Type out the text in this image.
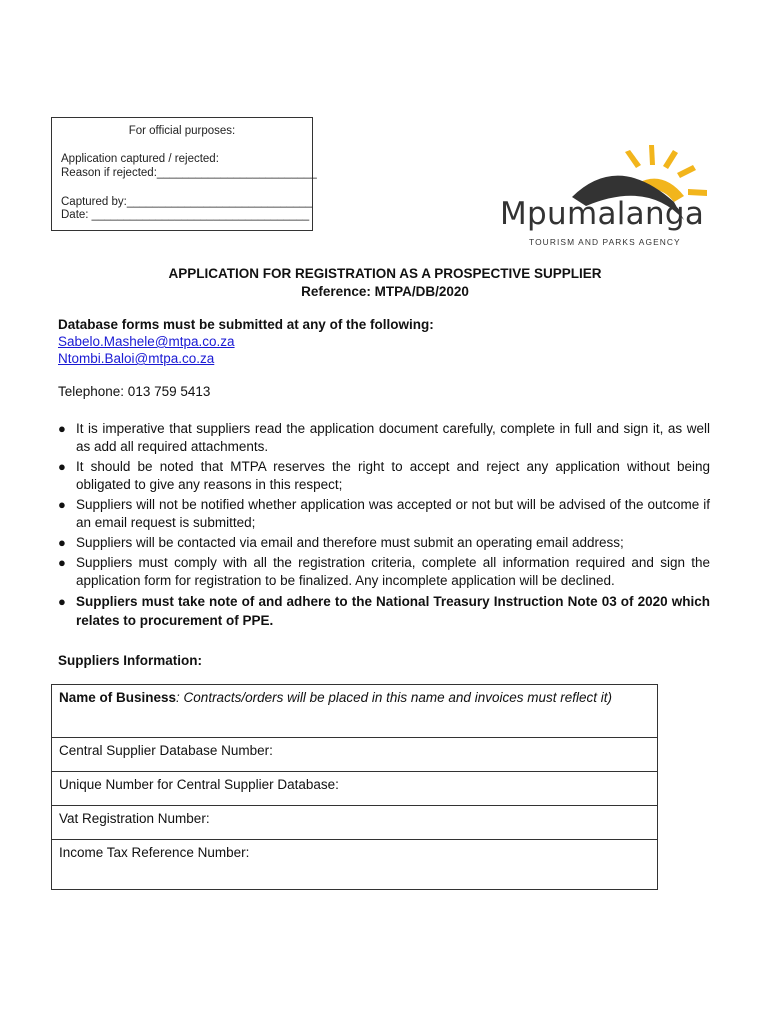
For official purposes:
Application captured / rejected:
Reason if rejected:_________________________
Captured by:_____________________________
Date: __________________________________	Mpumalanga
TOURISM AND PARKS AGENCY
APPLICATION FOR REGISTRATION AS A PROSPECTIVE SUPPLIER
Reference: MTPA/DB/2020
Database forms must be submitted at any of the following:
Sabelo.Mashele@mtpa.co.za
Ntombi.Baloi@mtpa.co.za
Telephone: 013 759 5413
● It is imperative that suppliers read the application document carefully, complete in full and sign it, as well as add all required attachments.
● It should be noted that MTPA reserves the right to accept and reject any application without being obligated to give any reasons in this respect;
● Suppliers will not be notified whether application was accepted or not but will be advised of the outcome if an email request is submitted;
● Suppliers will be contacted via email and therefore must submit an operating email address;
● Suppliers must comply with all the registration criteria, complete all information required and sign the application form for registration to be finalized. Any incomplete application will be declined.
● Suppliers must take note of and adhere to the National Treasury Instruction Note 03 of 2020 which relates to procurement of PPE.
Suppliers Information:
Name of Business: Contracts/orders will be placed in this name and invoices must reflect it)
Central Supplier Database Number:
Unique Number for Central Supplier Database:
Vat Registration Number:
Income Tax Reference Number:
